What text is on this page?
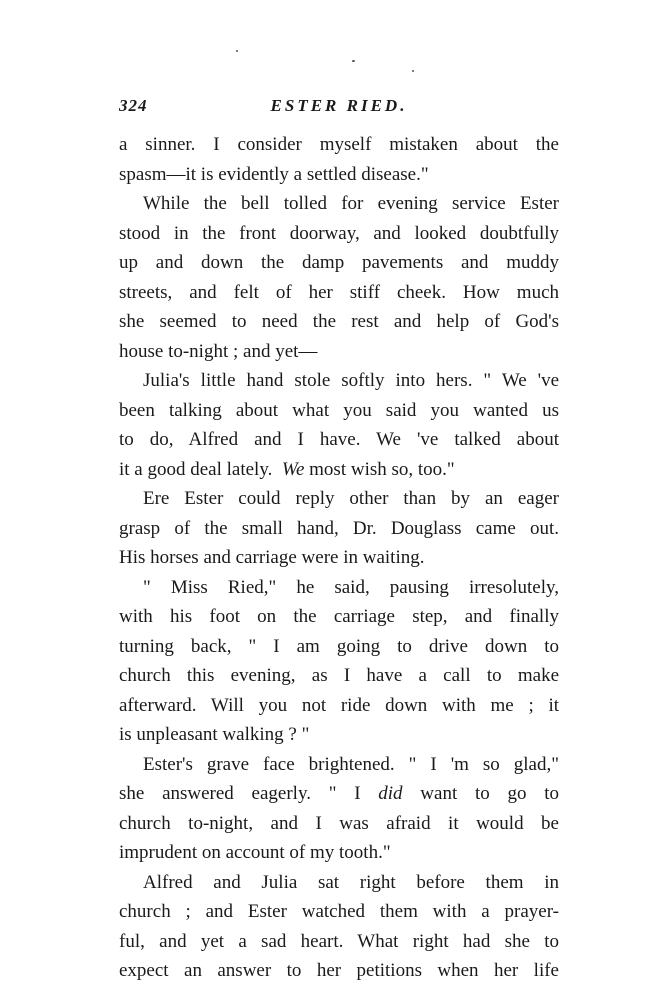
324	ESTER RIED.
a sinner. I consider myself mistaken about the
spasm—it is evidently a settled disease."
While the bell tolled for evening service Ester
stood in the front doorway, and looked doubtfully
up and down the damp pavements and muddy
streets, and felt of her stiff cheek. How much
she seemed to need the rest and help of God's
house to-night ; and yet—
Julia's little hand stole softly into hers. " We 've
been talking about what you said you wanted us
to do, Alfred and I have. We 've talked about
it a good deal lately. We most wish so, too."
Ere Ester could reply other than by an eager
grasp of the small hand, Dr. Douglass came out.
His horses and carriage were in waiting.
" Miss Ried," he said, pausing irresolutely,
with his foot on the carriage step, and finally
turning back, " I am going to drive down to
church this evening, as I have a call to make
afterward. Will you not ride down with me ; it
is unpleasant walking ? "
Ester's grave face brightened. " I 'm so glad,"
she answered eagerly. " I did want to go to
church to-night, and I was afraid it would be
imprudent on account of my tooth."
Alfred and Julia sat right before them in
church ; and Ester watched them with a prayer-
ful, and yet a sad heart. What right had she to
expect an answer to her petitions when her life
